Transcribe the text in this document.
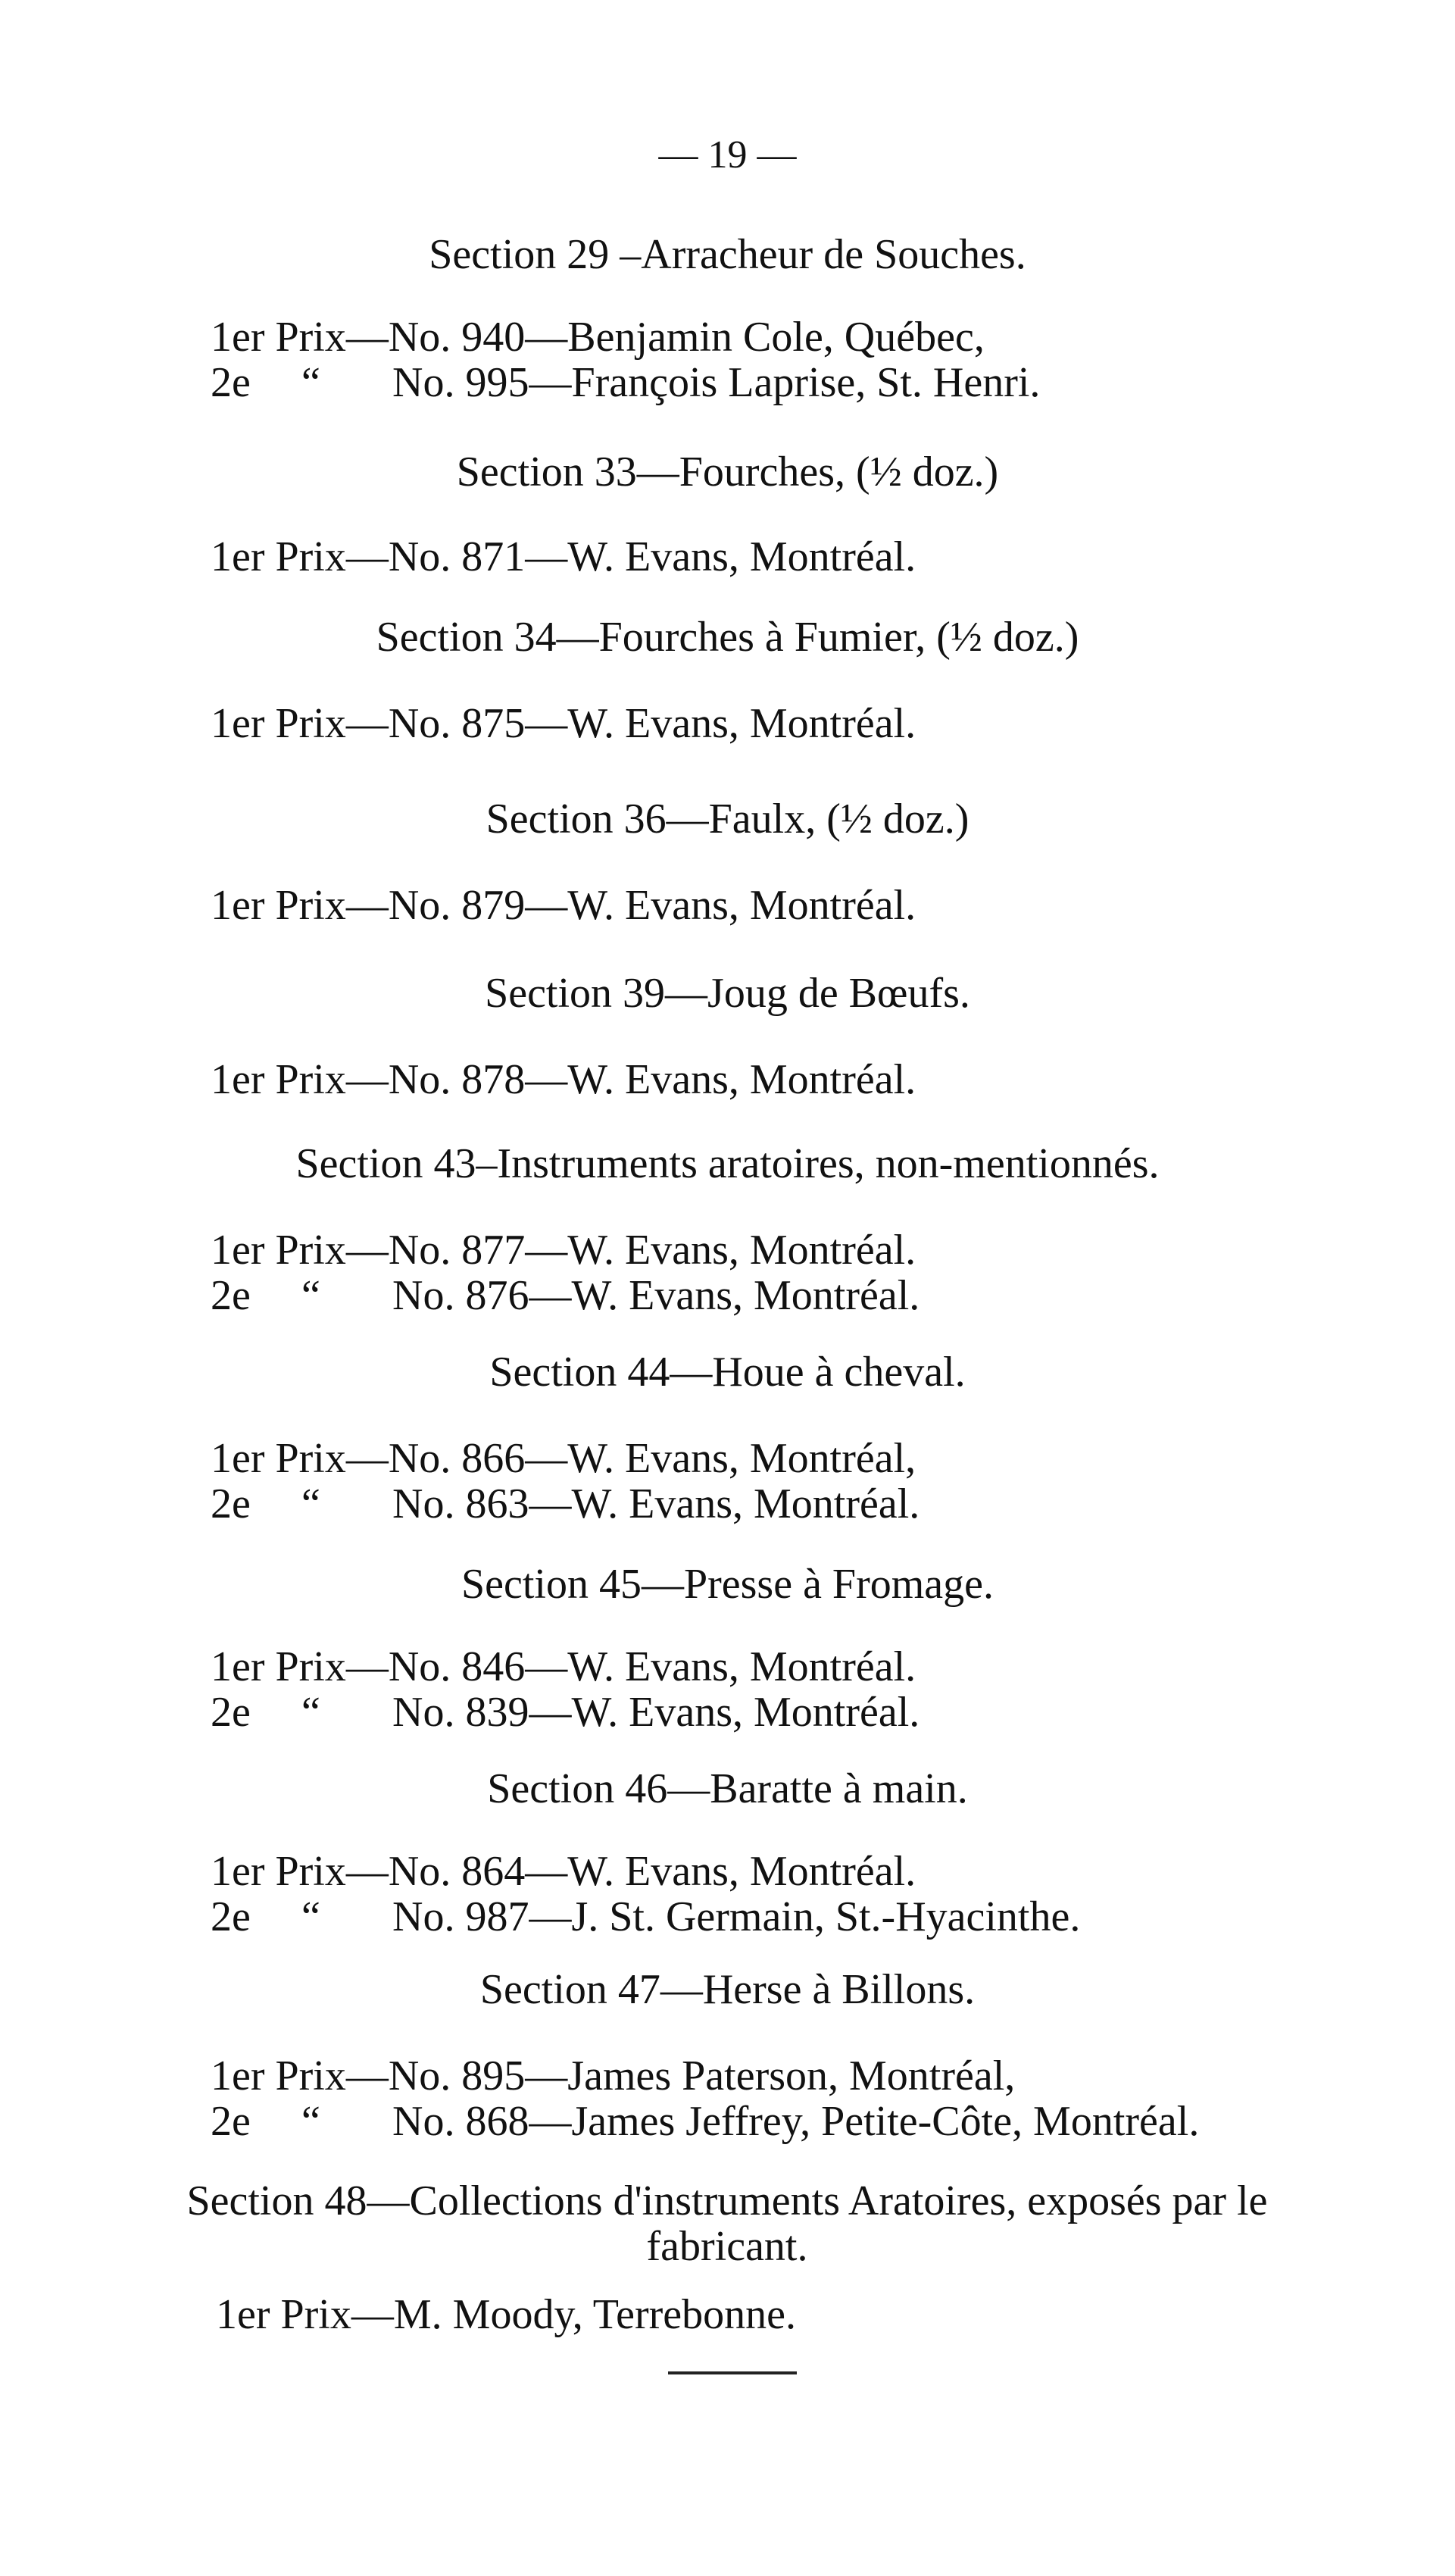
— 19 —
Section 29 –Arracheur de Souches.
1er Prix —No. 940—Benjamin Cole, Québec,
2e “	No. 995—François Laprise, St. Henri.
Section 33—Fourches, (½ doz.)
1er Prix —No. 871—W. Evans, Montréal.
Section 34—Fourches à Fumier, (½ doz.)
1er Prix —No. 875—W. Evans, Montréal.
Section 36—Faulx, (½ doz.)
1er Prix —No. 879—W. Evans, Montréal.
Section 39—Joug de Bœufs.
1er Prix —No. 878—W. Evans, Montréal.
Section 43–Instruments aratoires, non-mentionnés.
1er Prix —No. 877—W. Evans, Montréal.
2e “	No. 876—W. Evans, Montréal.
Section 44—Houe à cheval.
1er Prix —No. 866—W. Evans, Montréal,
2e “	No. 863—W. Evans, Montréal.
Section 45—Presse à Fromage.
1er Prix —No. 846—W. Evans, Montréal.
2e “	No. 839—W. Evans, Montréal.
Section 46—Baratte à main.
1er Prix —No. 864—W. Evans, Montréal.
2e “	No. 987—J. St. Germain, St.-Hyacinthe.
Section 47—Herse à Billons.
1er Prix —No. 895—James Paterson, Montréal,
2e “	No. 868—James Jeffrey, Petite-Côte, Montréal.
Section 48—Collections d'instruments Aratoires, exposés par le
fabricant.
1er Prix —M. Moody, Terrebonne.
